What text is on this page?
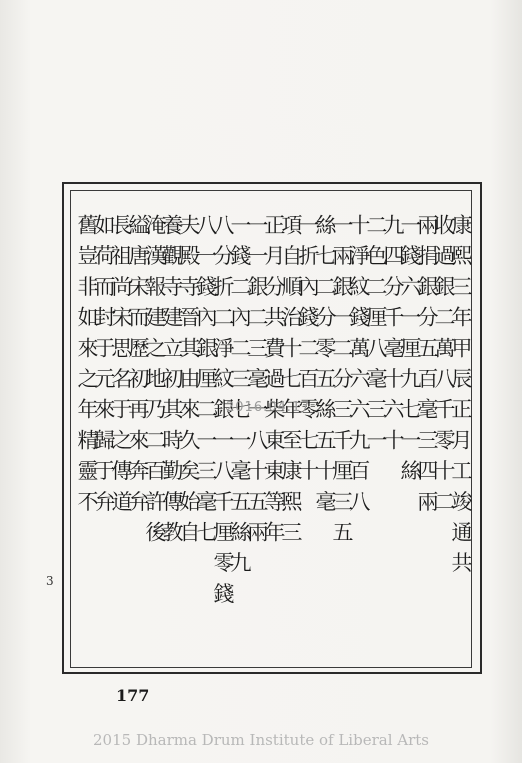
康熙三年甲辰正月工竣通共
收過銀二萬八千零十二
兩捐銀分五百毫三四兩
一錢六一厘九七一絲
九四分千毫十六十
二色二厘八毫三一
十淨紋錢萬六六九百八
一兩銀一二分三千厘三五
絲七二分零五絲五十毫
一折內錢二百零七十
項自順治十七年至康熙三
正月分共費過柴東東等年
一一銀二三毫一八十五兩
一錢二內二三七一毫五絲九
八分折二淨紋銀一八千厘零錢
八一錢內銀厘二一三毫七
夫殿寺晉其由來久矣始自
養觀寺建立初其時勤傳教
淹漢報建之地乃二百許後
縊唐宋而歷初再來奔弁
長祖尚宋思名于之傳道
如荷而封于元來歸于弁
舊豈非如來之年精靈不	2016.04.17
3
177
2015 Dharma Drum Institute of Liberal Arts
